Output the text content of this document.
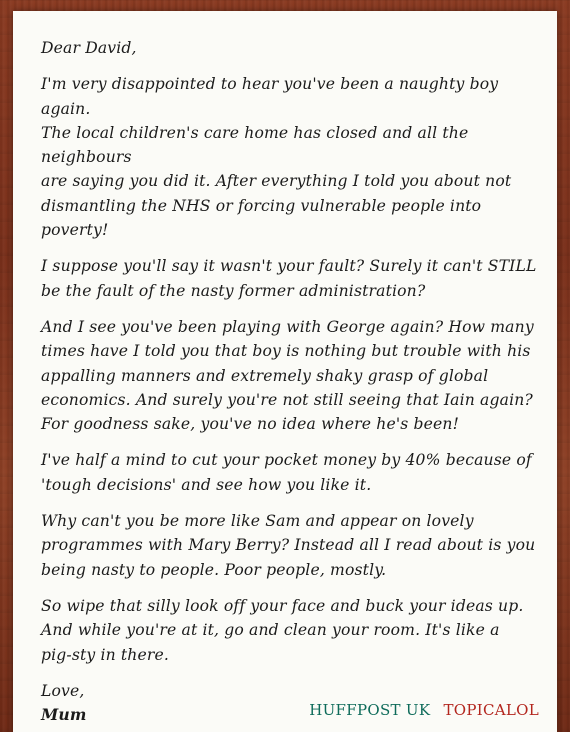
Dear David,

I'm very disappointed to hear you've been a naughty boy again.
The local children's care home has closed and all the neighbours
are saying you did it. After everything I told you about not
dismantling the NHS or forcing vulnerable people into poverty!

I suppose you'll say it wasn't your fault? Surely it can't STILL
be the fault of the nasty former administration?

And I see you've been playing with George again? How many
times have I told you that boy is nothing but trouble with his
appalling manners and extremely shaky grasp of global
economics. And surely you're not still seeing that Iain again?
For goodness sake, you've no idea where he's been!

I've half a mind to cut your pocket money by 40% because of
'tough decisions' and see how you like it.

Why can't you be more like Sam and appear on lovely
programmes with Mary Berry? Instead all I read about is you
being nasty to people. Poor people, mostly.

So wipe that silly look off your face and buck your ideas up.
And while you're at it, go and clean your room. It's like a
pig-sty in there.

Love,

Mum	HUFFPOST UK TOPICALOL
